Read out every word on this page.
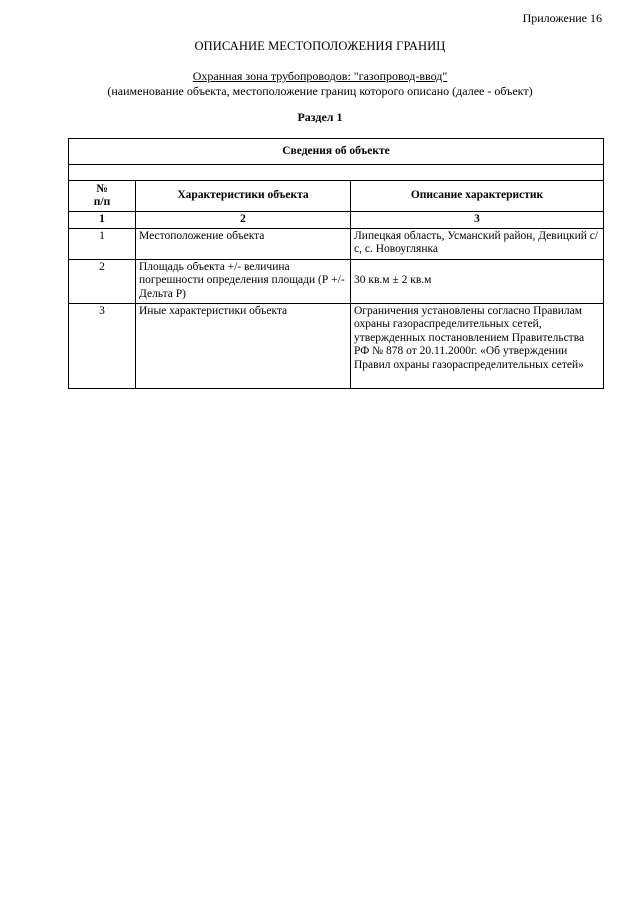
Приложение 16
ОПИСАНИЕ МЕСТОПОЛОЖЕНИЯ ГРАНИЦ
Охранная зона трубопроводов: "газопровод-ввод"
(наименование объекта, местоположение границ которого описано (далее - объект)
Раздел 1
Сведения об объекте		

№
п/п	Характеристики объекта	Описание характеристик
1	2	3
1	Местоположение объекта	Липецкая область, Усманский район, Девицкий с/с, с. Новоуглянка
2	Площадь объекта +/- величина погрешности определения площади (Р +/- Дельта Р)	30 кв.м ± 2 кв.м
3	Иные характеристики объекта	Ограничения установлены согласно Правилам охраны газораспределительных сетей, утвержденных постановлением Правительства РФ № 878 от 20.11.2000г. «Об утверждении Правил охраны газораспределительных сетей»
